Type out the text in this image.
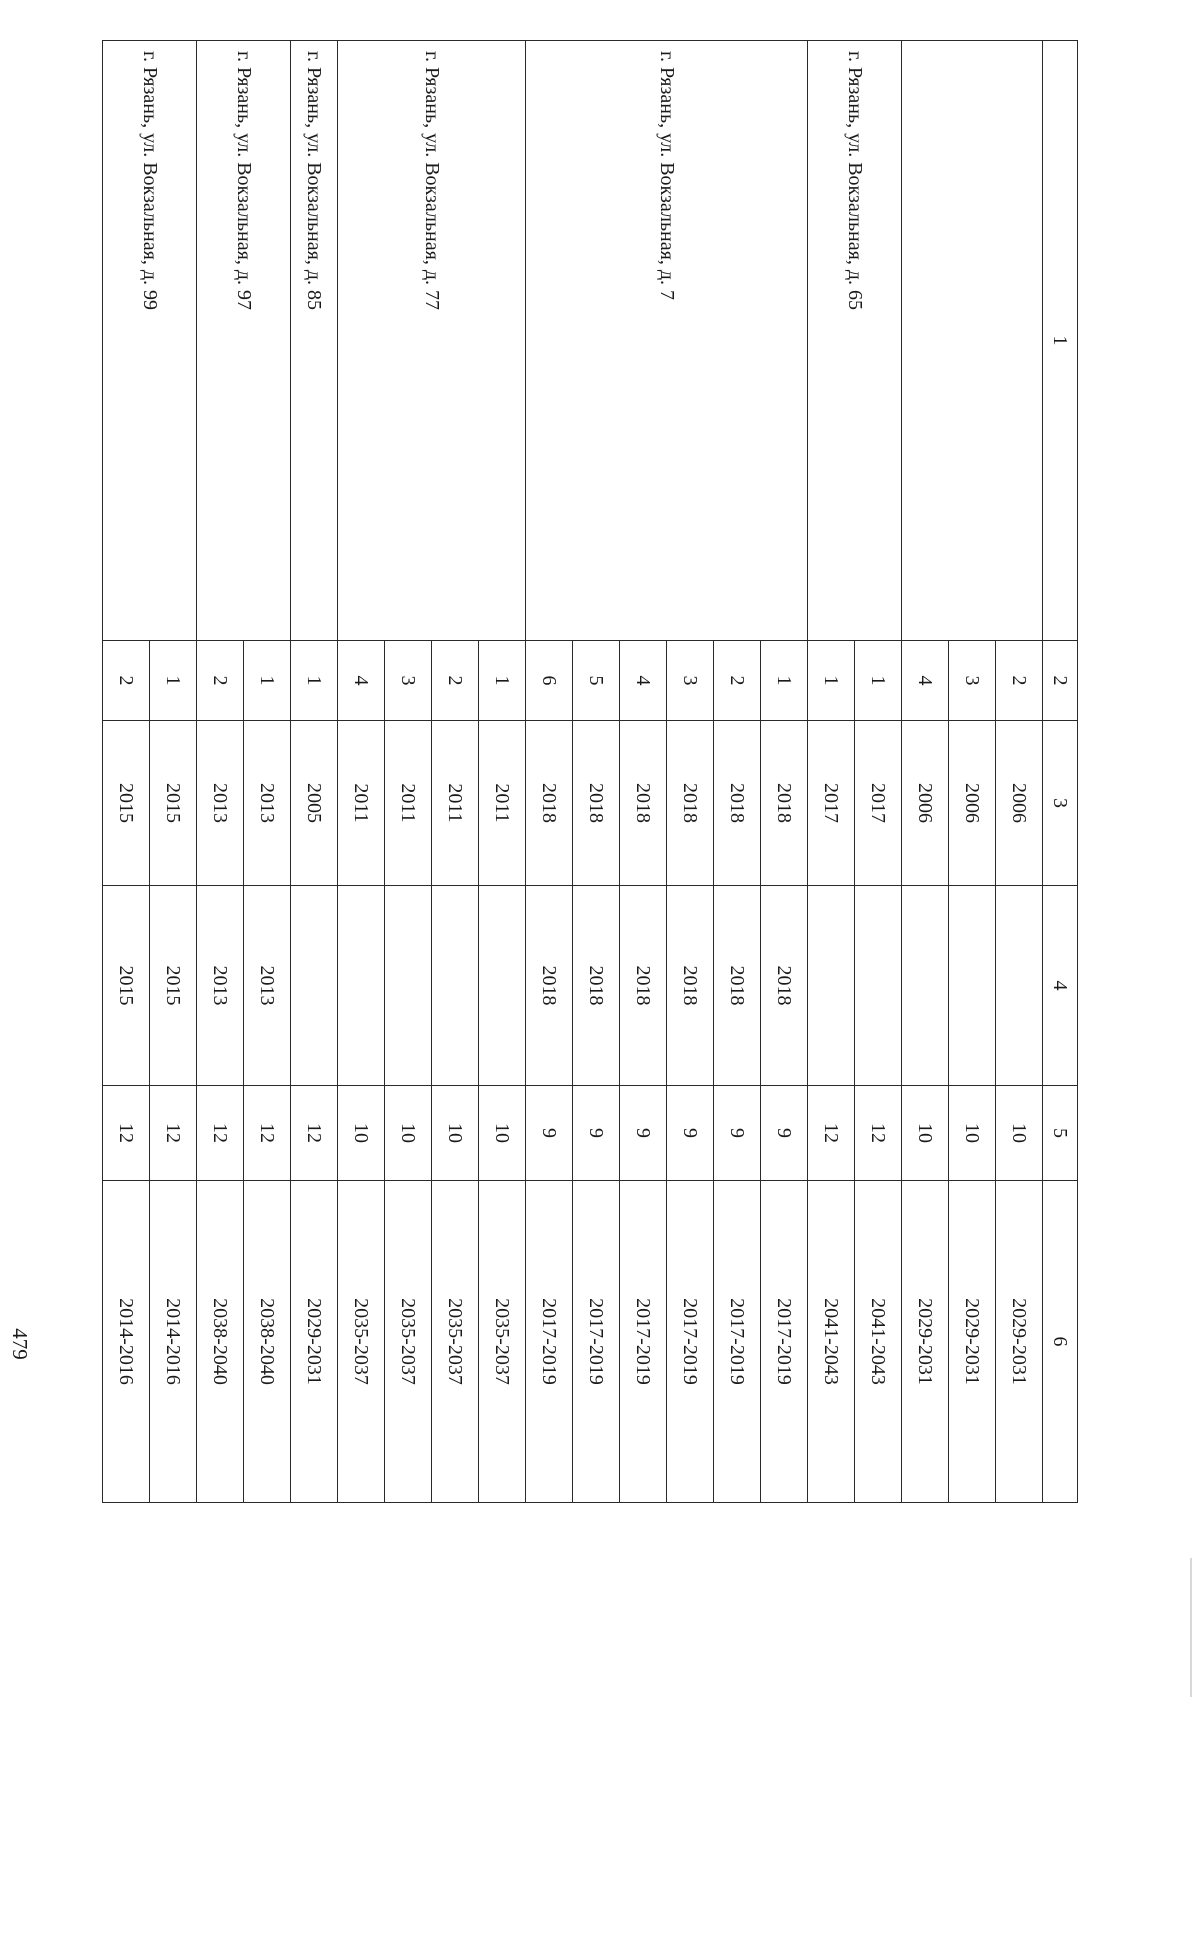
479
1	2	3	4	5	6
	2	2006		10	2029-2031
	3	2006		10	2029-2031
	4	2006		10	2029-2031
г. Рязань, ул. Вокзальная, д. 65	1	2017		12	2041-2043
	1	2017		12	2041-2043
г. Рязань, ул. Вокзальная, д. 7	1	2018	2018	9	2017-2019
	2	2018	2018	9	2017-2019
	3	2018	2018	9	2017-2019
	4	2018	2018	9	2017-2019
	5	2018	2018	9	2017-2019
	6	2018	2018	9	2017-2019
г. Рязань, ул. Вокзальная, д. 77	1	2011		10	2035-2037
	2	2011		10	2035-2037
	3	2011		10	2035-2037
	4	2011		10	2035-2037
г. Рязань, ул. Вокзальная, д. 85	1	2005		12	2029-2031
г. Рязань, ул. Вокзальная, д. 97	1	2013	2013	12	2038-2040
	2	2013	2013	12	2038-2040
г. Рязань, ул. Вокзальная, д. 99	1	2015	2015	12	2014-2016
	2	2015	2015	12	2014-2016
